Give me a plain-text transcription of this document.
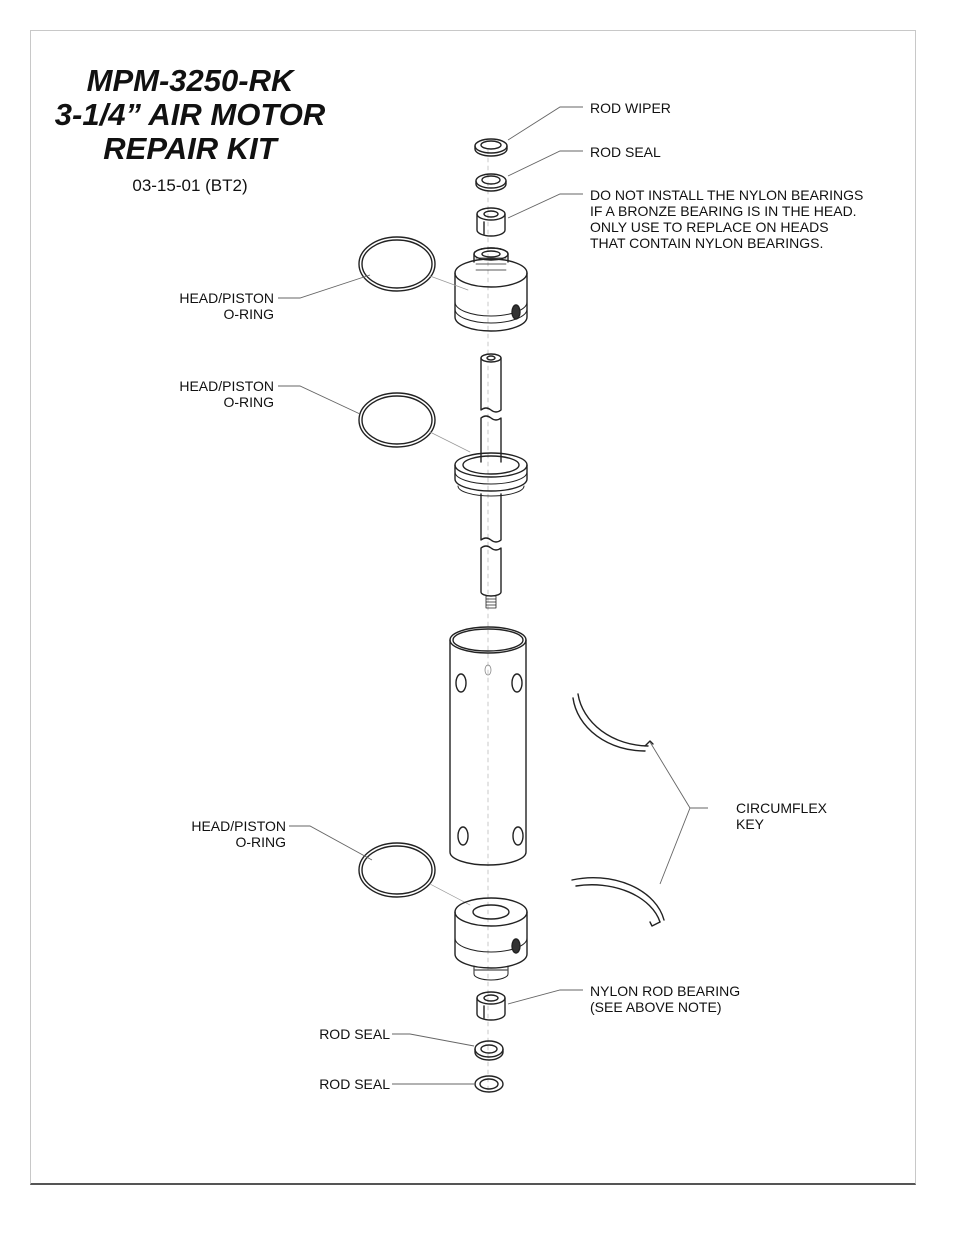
MPM-3250-RK
3-1/4” AIR MOTOR
REPAIR KIT
03-15-01 (BT2)
ROD WIPER
ROD SEAL
DO NOT INSTALL THE NYLON BEARINGS
IF A BRONZE BEARING IS IN THE HEAD.
ONLY USE TO REPLACE ON HEADS
THAT CONTAIN NYLON BEARINGS.
HEAD/PISTON
O-RING
HEAD/PISTON
O-RING
CIRCUMFLEX
KEY
HEAD/PISTON
O-RING
NYLON ROD BEARING
(SEE ABOVE NOTE)
ROD SEAL
ROD SEAL
